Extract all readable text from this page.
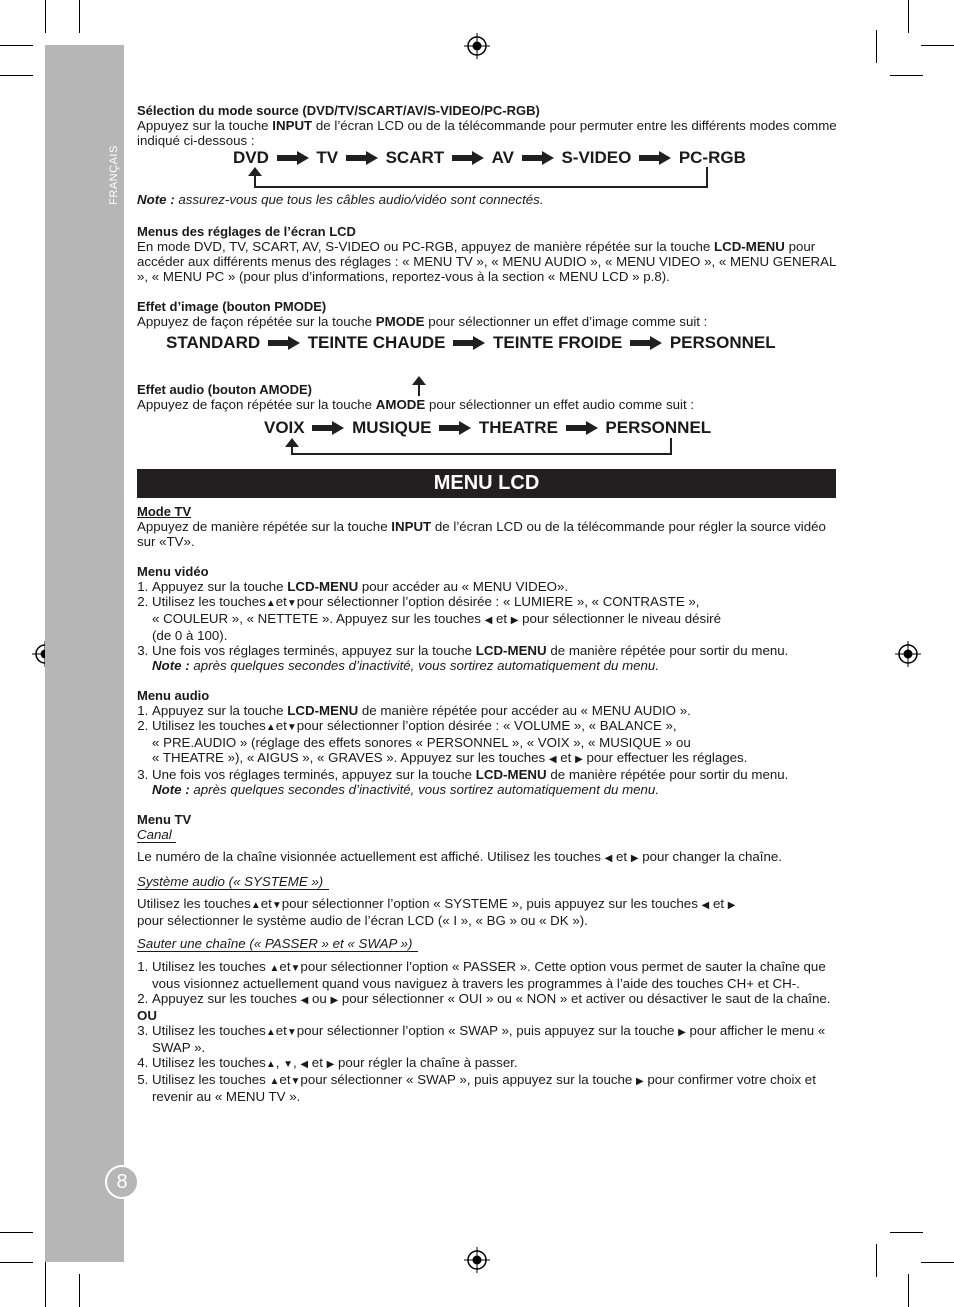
FRANÇAIS
8

Sélection du mode source (DVD/TV/SCART/AV/S-VIDEO/PC-RGB)

Appuyez sur la touche INPUT de l’écran LCD ou de la télécommande pour permuter entre les différents modes comme indiqué ci-dessous :

DVD	TV	SCART	AV	S-VIDEO	PC-RGB

Note : assurez-vous que tous les câbles audio/vidéo sont connectés.

Menus des réglages de l’écran LCD

En mode DVD, TV, SCART, AV, S-VIDEO ou PC-RGB, appuyez de manière répétée sur la touche LCD-MENU pour accéder aux différents menus des réglages : « MENU TV », « MENU AUDIO », « MENU VIDEO », « MENU GENERAL », « MENU PC » (pour plus d’informations, reportez-vous à la section « MENU LCD » p.8).

Effet d’image (bouton PMODE)

Appuyez de façon répétée sur la touche PMODE pour sélectionner un effet d’image comme suit :

STANDARD	TEINTE CHAUDE	TEINTE FROIDE	PERSONNEL

Effet audio (bouton AMODE)

Appuyez de façon répétée sur la touche AMODE pour sélectionner un effet audio comme suit :

VOIX	MUSIQUE	THEATRE	PERSONNEL
MENU LCD

Mode TV

Appuyez de manière répétée sur la touche INPUT de l’écran LCD ou de la télécommande pour régler la source vidéo sur «TV».

Menu vidéo

1. Appuyez sur la touche LCD-MENU pour accéder au « MENU VIDEO».
2. Utilisez les touches▲et▼pour sélectionner l’option désirée : « LUMIERE », « CONTRASTE »,
« COULEUR », « NETTETE ». Appuyez sur les touches ◀ et ▶ pour sélectionner le niveau désiré
(de 0 à 100).
3. Une fois vos réglages terminés, appuyez sur la touche LCD-MENU de manière répétée pour sortir du menu.
Note : après quelques secondes d’inactivité, vous sortirez automatiquement du menu.

Menu audio

1. Appuyez sur la touche LCD-MENU de manière répétée pour accéder au « MENU AUDIO ».
2. Utilisez les touches▲et▼pour sélectionner l’option désirée : « VOLUME », « BALANCE »,
« PRE.AUDIO » (réglage des effets sonores « PERSONNEL », « VOIX », « MUSIQUE » ou
« THEATRE »), « AIGUS », « GRAVES ». Appuyez sur les touches ◀ et ▶ pour effectuer les réglages.
3. Une fois vos réglages terminés, appuyez sur la touche LCD-MENU de manière répétée pour sortir du menu.
Note : après quelques secondes d’inactivité, vous sortirez automatiquement du menu.

Menu TV

Canal

Le numéro de la chaîne visionnée actuellement est affiché. Utilisez les touches ◀ et ▶ pour changer la chaîne.

Système audio (« SYSTEME »)

Utilisez les touches▲et▼pour sélectionner l’option « SYSTEME », puis appuyez sur les touches ◀ et ▶
pour sélectionner le système audio de l’écran LCD (« I », « BG » ou « DK »).

Sauter une chaîne (« PASSER » et « SWAP »)

1. Utilisez les touches ▲et▼pour sélectionner l’option « PASSER ». Cette option vous permet de sauter la chaîne que vous visionnez actuellement quand vous naviguez à travers les programmes à l’aide des touches CH+ et CH-.
2. Appuyez sur les touches ◀ ou ▶ pour sélectionner « OUI » ou « NON » et activer ou désactiver le saut de la chaîne.

OU

3. Utilisez les touches▲et▼pour sélectionner l’option « SWAP », puis appuyez sur la touche ▶ pour afficher le menu « SWAP ».
4. Utilisez les touches▲, ▼, ◀ et ▶ pour régler la chaîne à passer.
5. Utilisez les touches ▲et▼pour sélectionner « SWAP », puis appuyez sur la touche ▶ pour confirmer votre choix et revenir au « MENU TV ».
